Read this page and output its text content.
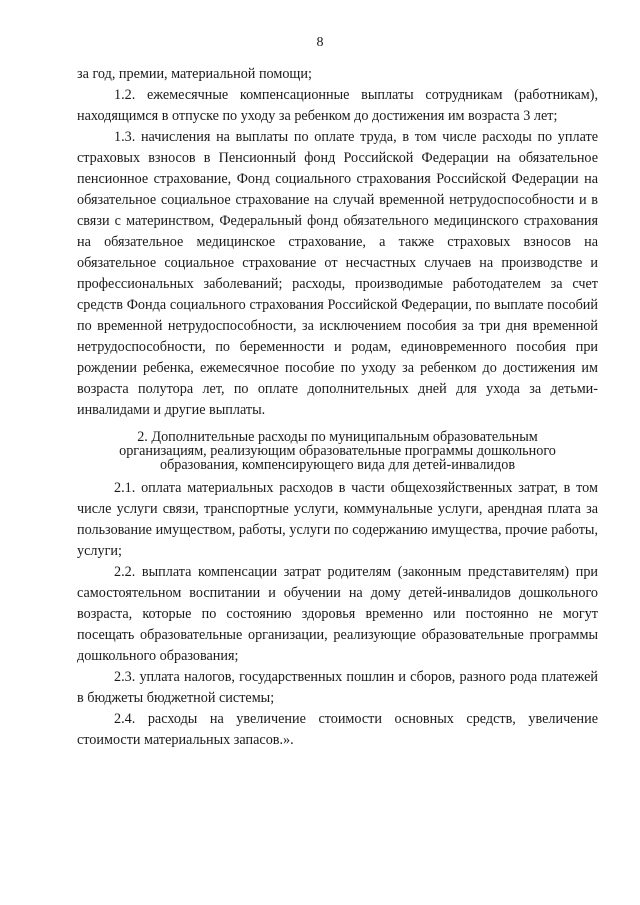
8

за год, премии, материальной помощи;

1.2. ежемесячные компенсационные выплаты сотрудникам (работникам), находящимся в отпуске по уходу за ребенком до достижения им возраста 3 лет;

1.3. начисления на выплаты по оплате труда, в том числе расходы по уплате страховых взносов в Пенсионный фонд Российской Федерации на обязательное пенсионное страхование, Фонд социального страхования Российской Федерации на обязательное социальное страхование на случай временной нетрудоспособности и в связи с материнством, Федеральный фонд обязательного медицинского страхования на обязательное медицинское страхование, а также страховых взносов на обязательное социальное страхование от несчастных случаев на производстве и профессиональных заболеваний; расходы, производимые работодателем за счет средств Фонда социального страхования Российской Федерации, по выплате пособий по временной нетрудоспособности, за исключением пособия за три дня временной нетрудоспособности, по беременности и родам, единовременного пособия при рождении ребенка, ежемесячное пособие по уходу за ребенком до достижения им возраста полутора лет, по оплате дополнительных дней для ухода за детьми-инвалидами и другие выплаты.

2. Дополнительные расходы по муниципальным образовательным
организациям, реализующим образовательные программы дошкольного
образования, компенсирующего вида для детей-инвалидов

2.1. оплата материальных расходов в части общехозяйственных затрат, в том числе услуги связи, транспортные услуги, коммунальные услуги, арендная плата за пользование имуществом, работы, услуги по содержанию имущества, прочие работы, услуги;

2.2. выплата компенсации затрат родителям (законным представителям) при самостоятельном воспитании и обучении на дому детей-инвалидов дошкольного возраста, которые по состоянию здоровья временно или постоянно не могут посещать образовательные организации, реализующие образовательные программы дошкольного образования;

2.3. уплата налогов, государственных пошлин и сборов, разного рода платежей в бюджеты бюджетной системы;

2.4. расходы на увеличение стоимости основных средств, увеличение стоимости материальных запасов.».
